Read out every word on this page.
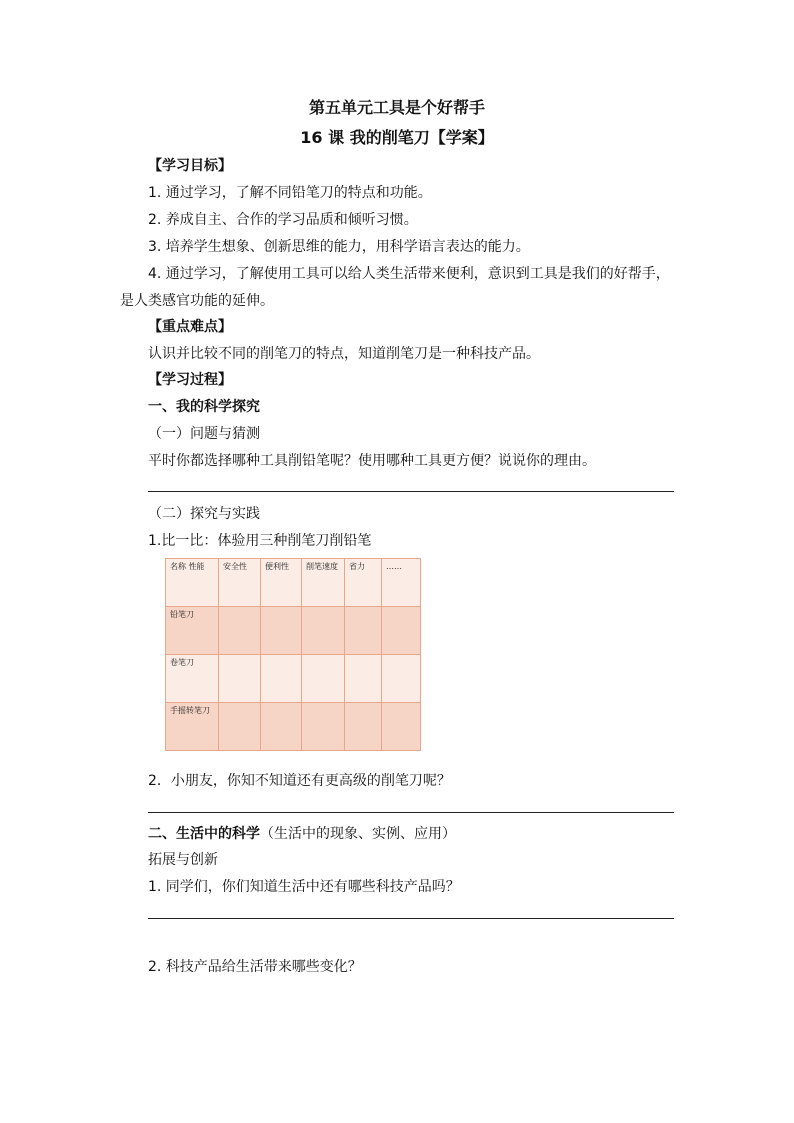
第五单元工具是个好帮手
16 课 我的削笔刀【学案】
【学习目标】
1. 通过学习，了解不同铅笔刀的特点和功能。
2. 养成自主、合作的学习品质和倾听习惯。
3. 培养学生想象、创新思维的能力，用科学语言表达的能力。
4. 通过学习，了解使用工具可以给人类生活带来便利，意识到工具是我们的好帮手，
是人类感官功能的延伸。
【重点难点】
认识并比较不同的削笔刀的特点，知道削笔刀是一种科技产品。
【学习过程】
一、我的科学探究
（一）问题与猜测
平时你都选择哪种工具削铅笔呢？使用哪种工具更方便？说说你的理由。
（二）探究与实践
1.比一比：体验用三种削笔刀削铅笔
名称 性能	安全性	便利性	削笔速度	省力	……
铅笔刀					
卷笔刀					
手摇转笔刀					
2．小朋友，你知不知道还有更高级的削笔刀呢？
二、生活中的科学（生活中的现象、实例、应用）
拓展与创新
1. 同学们，你们知道生活中还有哪些科技产品吗？
2. 科技产品给生活带来哪些变化？
